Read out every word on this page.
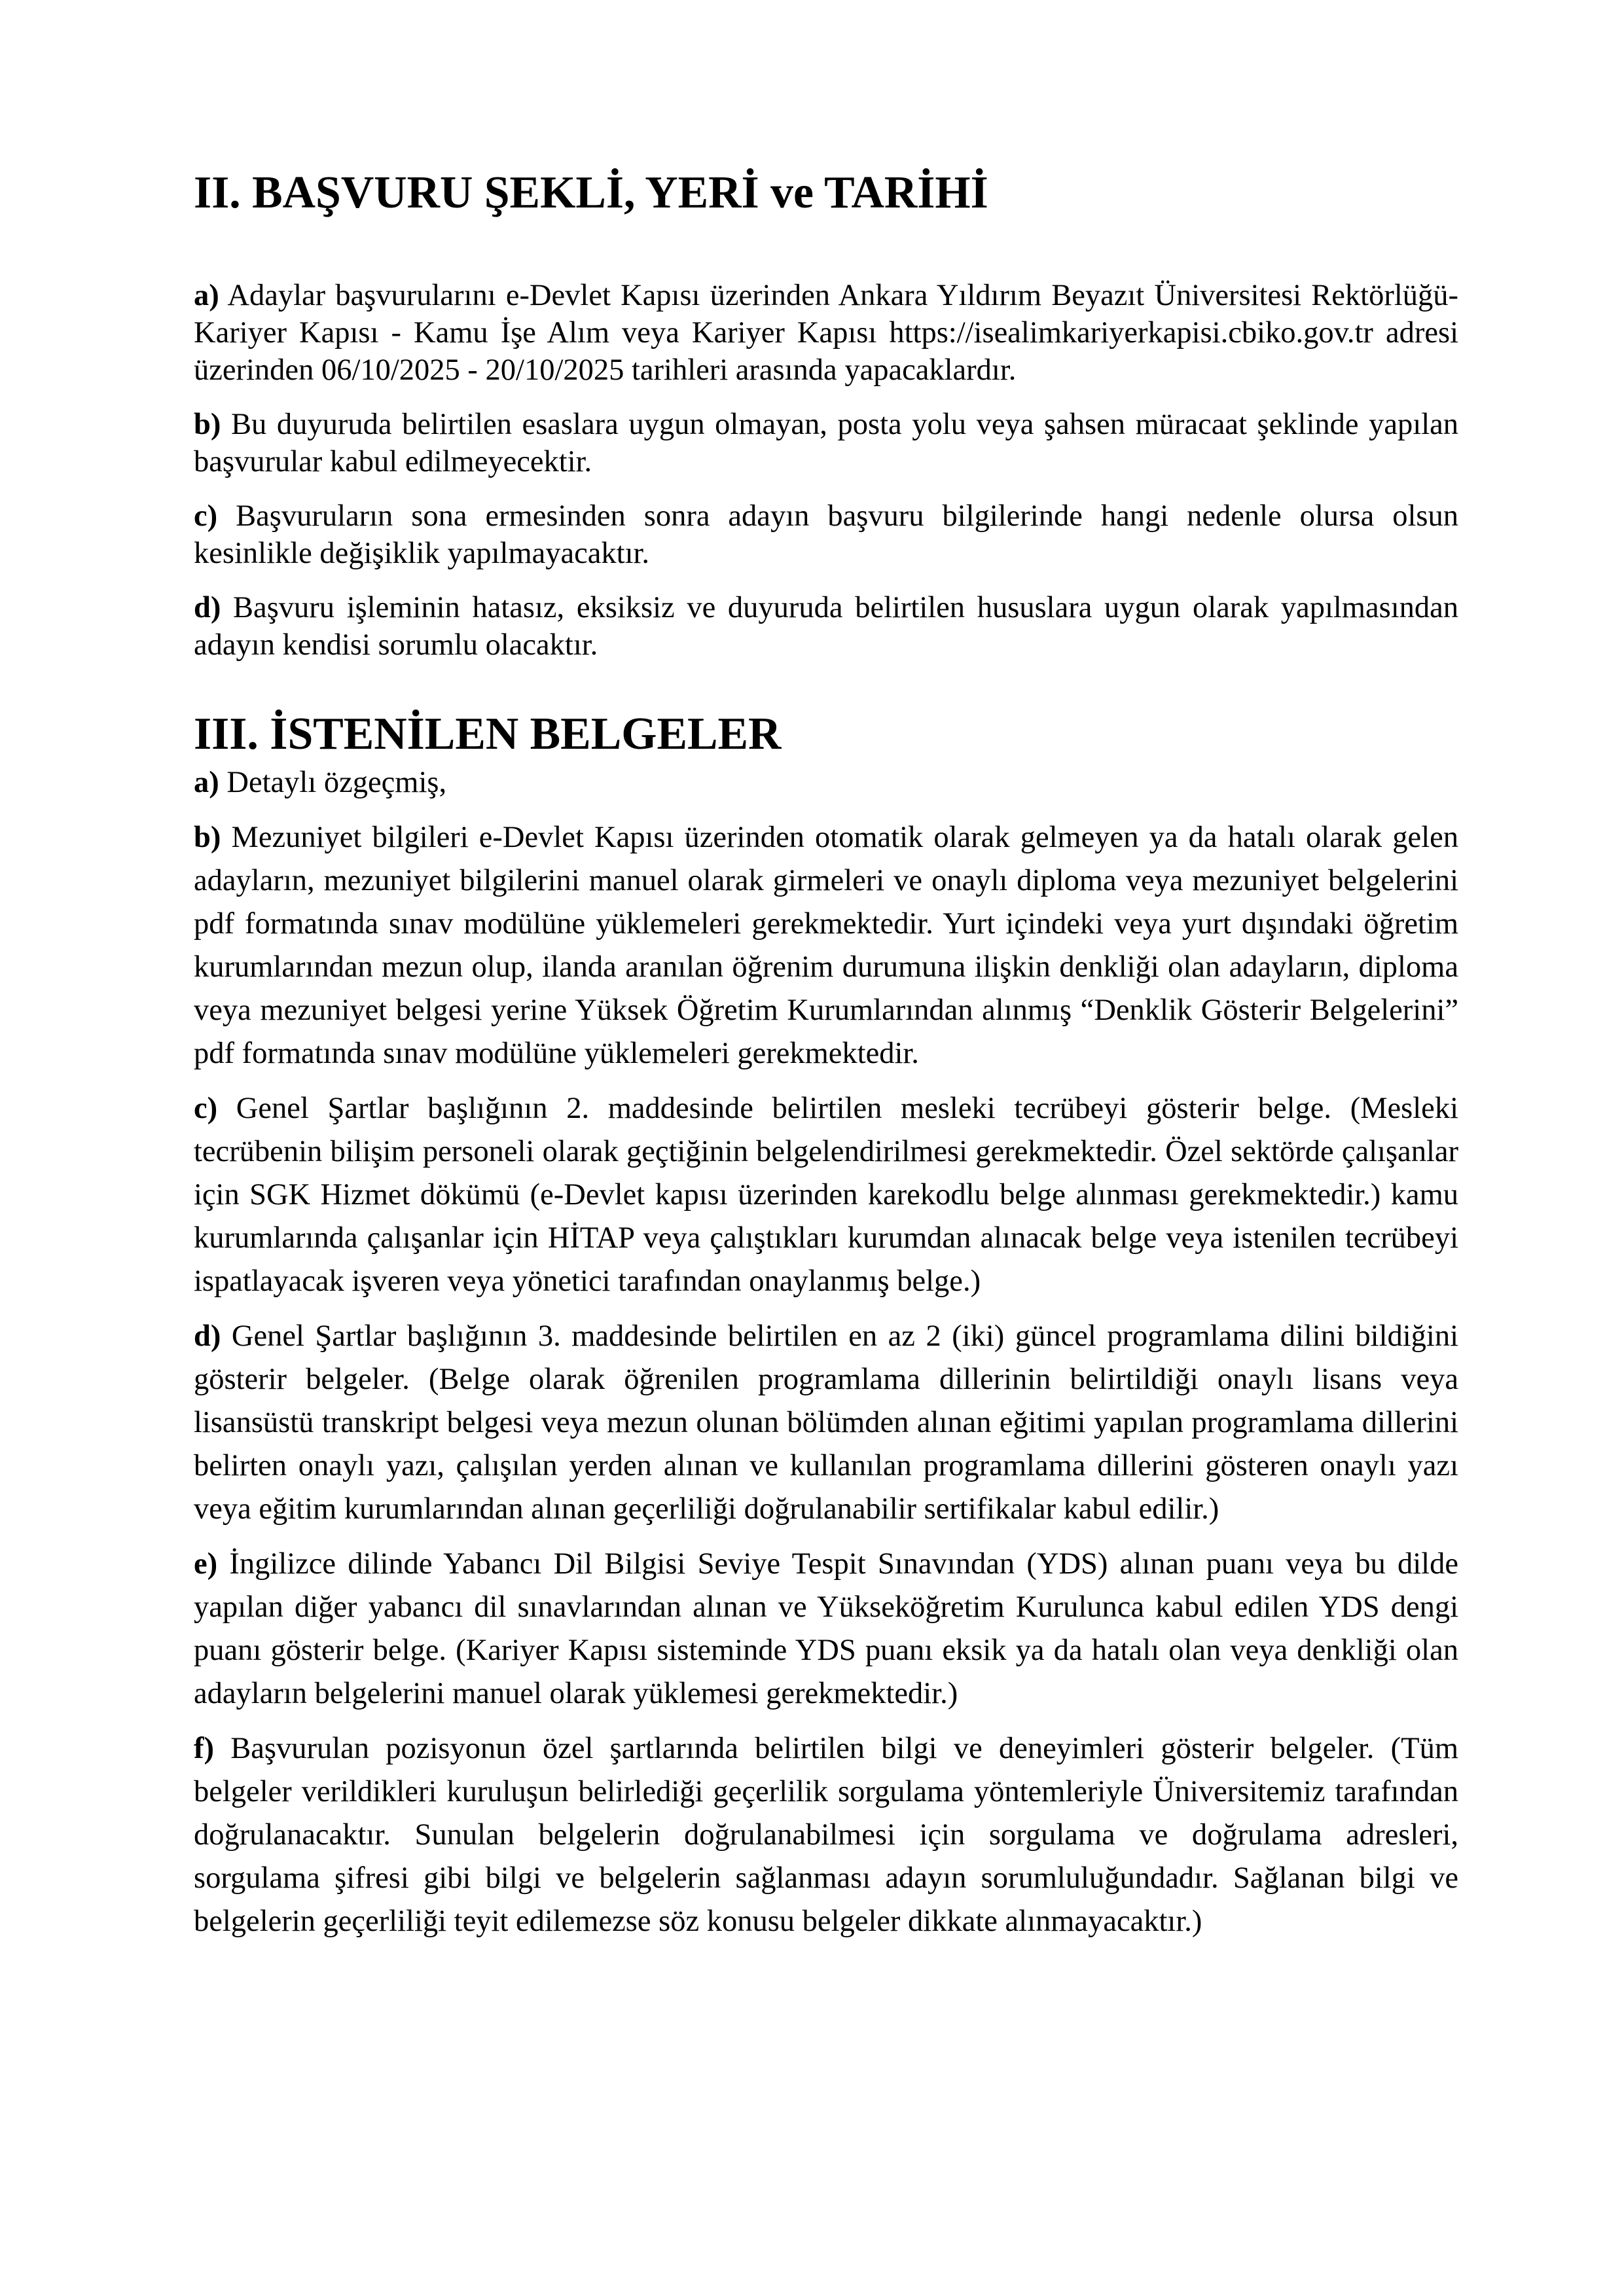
II. BAŞVURU ŞEKLİ, YERİ ve TARİHİ

a) Adaylar başvurularını e-Devlet Kapısı üzerinden Ankara Yıldırım Beyazıt Üniversitesi Rektörlüğü-Kariyer Kapısı - Kamu İşe Alım veya Kariyer Kapısı https://isealimkariyerkapisi.cbiko.gov.tr adresi üzerinden 06/10/2025 - 20/10/2025 tarihleri arasında yapacaklardır.

b) Bu duyuruda belirtilen esaslara uygun olmayan, posta yolu veya şahsen müracaat şeklinde yapılan başvurular kabul edilmeyecektir.

c) Başvuruların sona ermesinden sonra adayın başvuru bilgilerinde hangi nedenle olursa olsun kesinlikle değişiklik yapılmayacaktır.

d) Başvuru işleminin hatasız, eksiksiz ve duyuruda belirtilen hususlara uygun olarak yapılmasından adayın kendisi sorumlu olacaktır.

III. İSTENİLEN BELGELER

a) Detaylı özgeçmiş,

b) Mezuniyet bilgileri e-Devlet Kapısı üzerinden otomatik olarak gelmeyen ya da hatalı olarak gelen adayların, mezuniyet bilgilerini manuel olarak girmeleri ve onaylı diploma veya mezuniyet belgelerini pdf formatında sınav modülüne yüklemeleri gerekmektedir. Yurt içindeki veya yurt dışındaki öğretim kurumlarından mezun olup, ilanda aranılan öğrenim durumuna ilişkin denkliği olan adayların, diploma veya mezuniyet belgesi yerine Yüksek Öğretim Kurumlarından alınmış “Denklik Gösterir Belgelerini” pdf formatında sınav modülüne yüklemeleri gerekmektedir.

c) Genel Şartlar başlığının 2. maddesinde belirtilen mesleki tecrübeyi gösterir belge. (Mesleki tecrübenin bilişim personeli olarak geçtiğinin belgelendirilmesi gerekmektedir. Özel sektörde çalışanlar için SGK Hizmet dökümü (e-Devlet kapısı üzerinden karekodlu belge alınması gerekmektedir.) kamu kurumlarında çalışanlar için HİTAP veya çalıştıkları kurumdan alınacak belge veya istenilen tecrübeyi ispatlayacak işveren veya yönetici tarafından onaylanmış belge.)

d) Genel Şartlar başlığının 3. maddesinde belirtilen en az 2 (iki) güncel programlama dilini bildiğini gösterir belgeler. (Belge olarak öğrenilen programlama dillerinin belirtildiği onaylı lisans veya lisansüstü transkript belgesi veya mezun olunan bölümden alınan eğitimi yapılan programlama dillerini belirten onaylı yazı, çalışılan yerden alınan ve kullanılan programlama dillerini gösteren onaylı yazı veya eğitim kurumlarından alınan geçerliliği doğrulanabilir sertifikalar kabul edilir.)

e) İngilizce dilinde Yabancı Dil Bilgisi Seviye Tespit Sınavından (YDS) alınan puanı veya bu dilde yapılan diğer yabancı dil sınavlarından alınan ve Yükseköğretim Kurulunca kabul edilen YDS dengi puanı gösterir belge. (Kariyer Kapısı sisteminde YDS puanı eksik ya da hatalı olan veya denkliği olan adayların belgelerini manuel olarak yüklemesi gerekmektedir.)

f) Başvurulan pozisyonun özel şartlarında belirtilen bilgi ve deneyimleri gösterir belgeler. (Tüm belgeler verildikleri kuruluşun belirlediği geçerlilik sorgulama yöntemleriyle Üniversitemiz tarafından doğrulanacaktır. Sunulan belgelerin doğrulanabilmesi için sorgulama ve doğrulama adresleri, sorgulama şifresi gibi bilgi ve belgelerin sağlanması adayın sorumluluğundadır. Sağlanan bilgi ve belgelerin geçerliliği teyit edilemezse söz konusu belgeler dikkate alınmayacaktır.)
